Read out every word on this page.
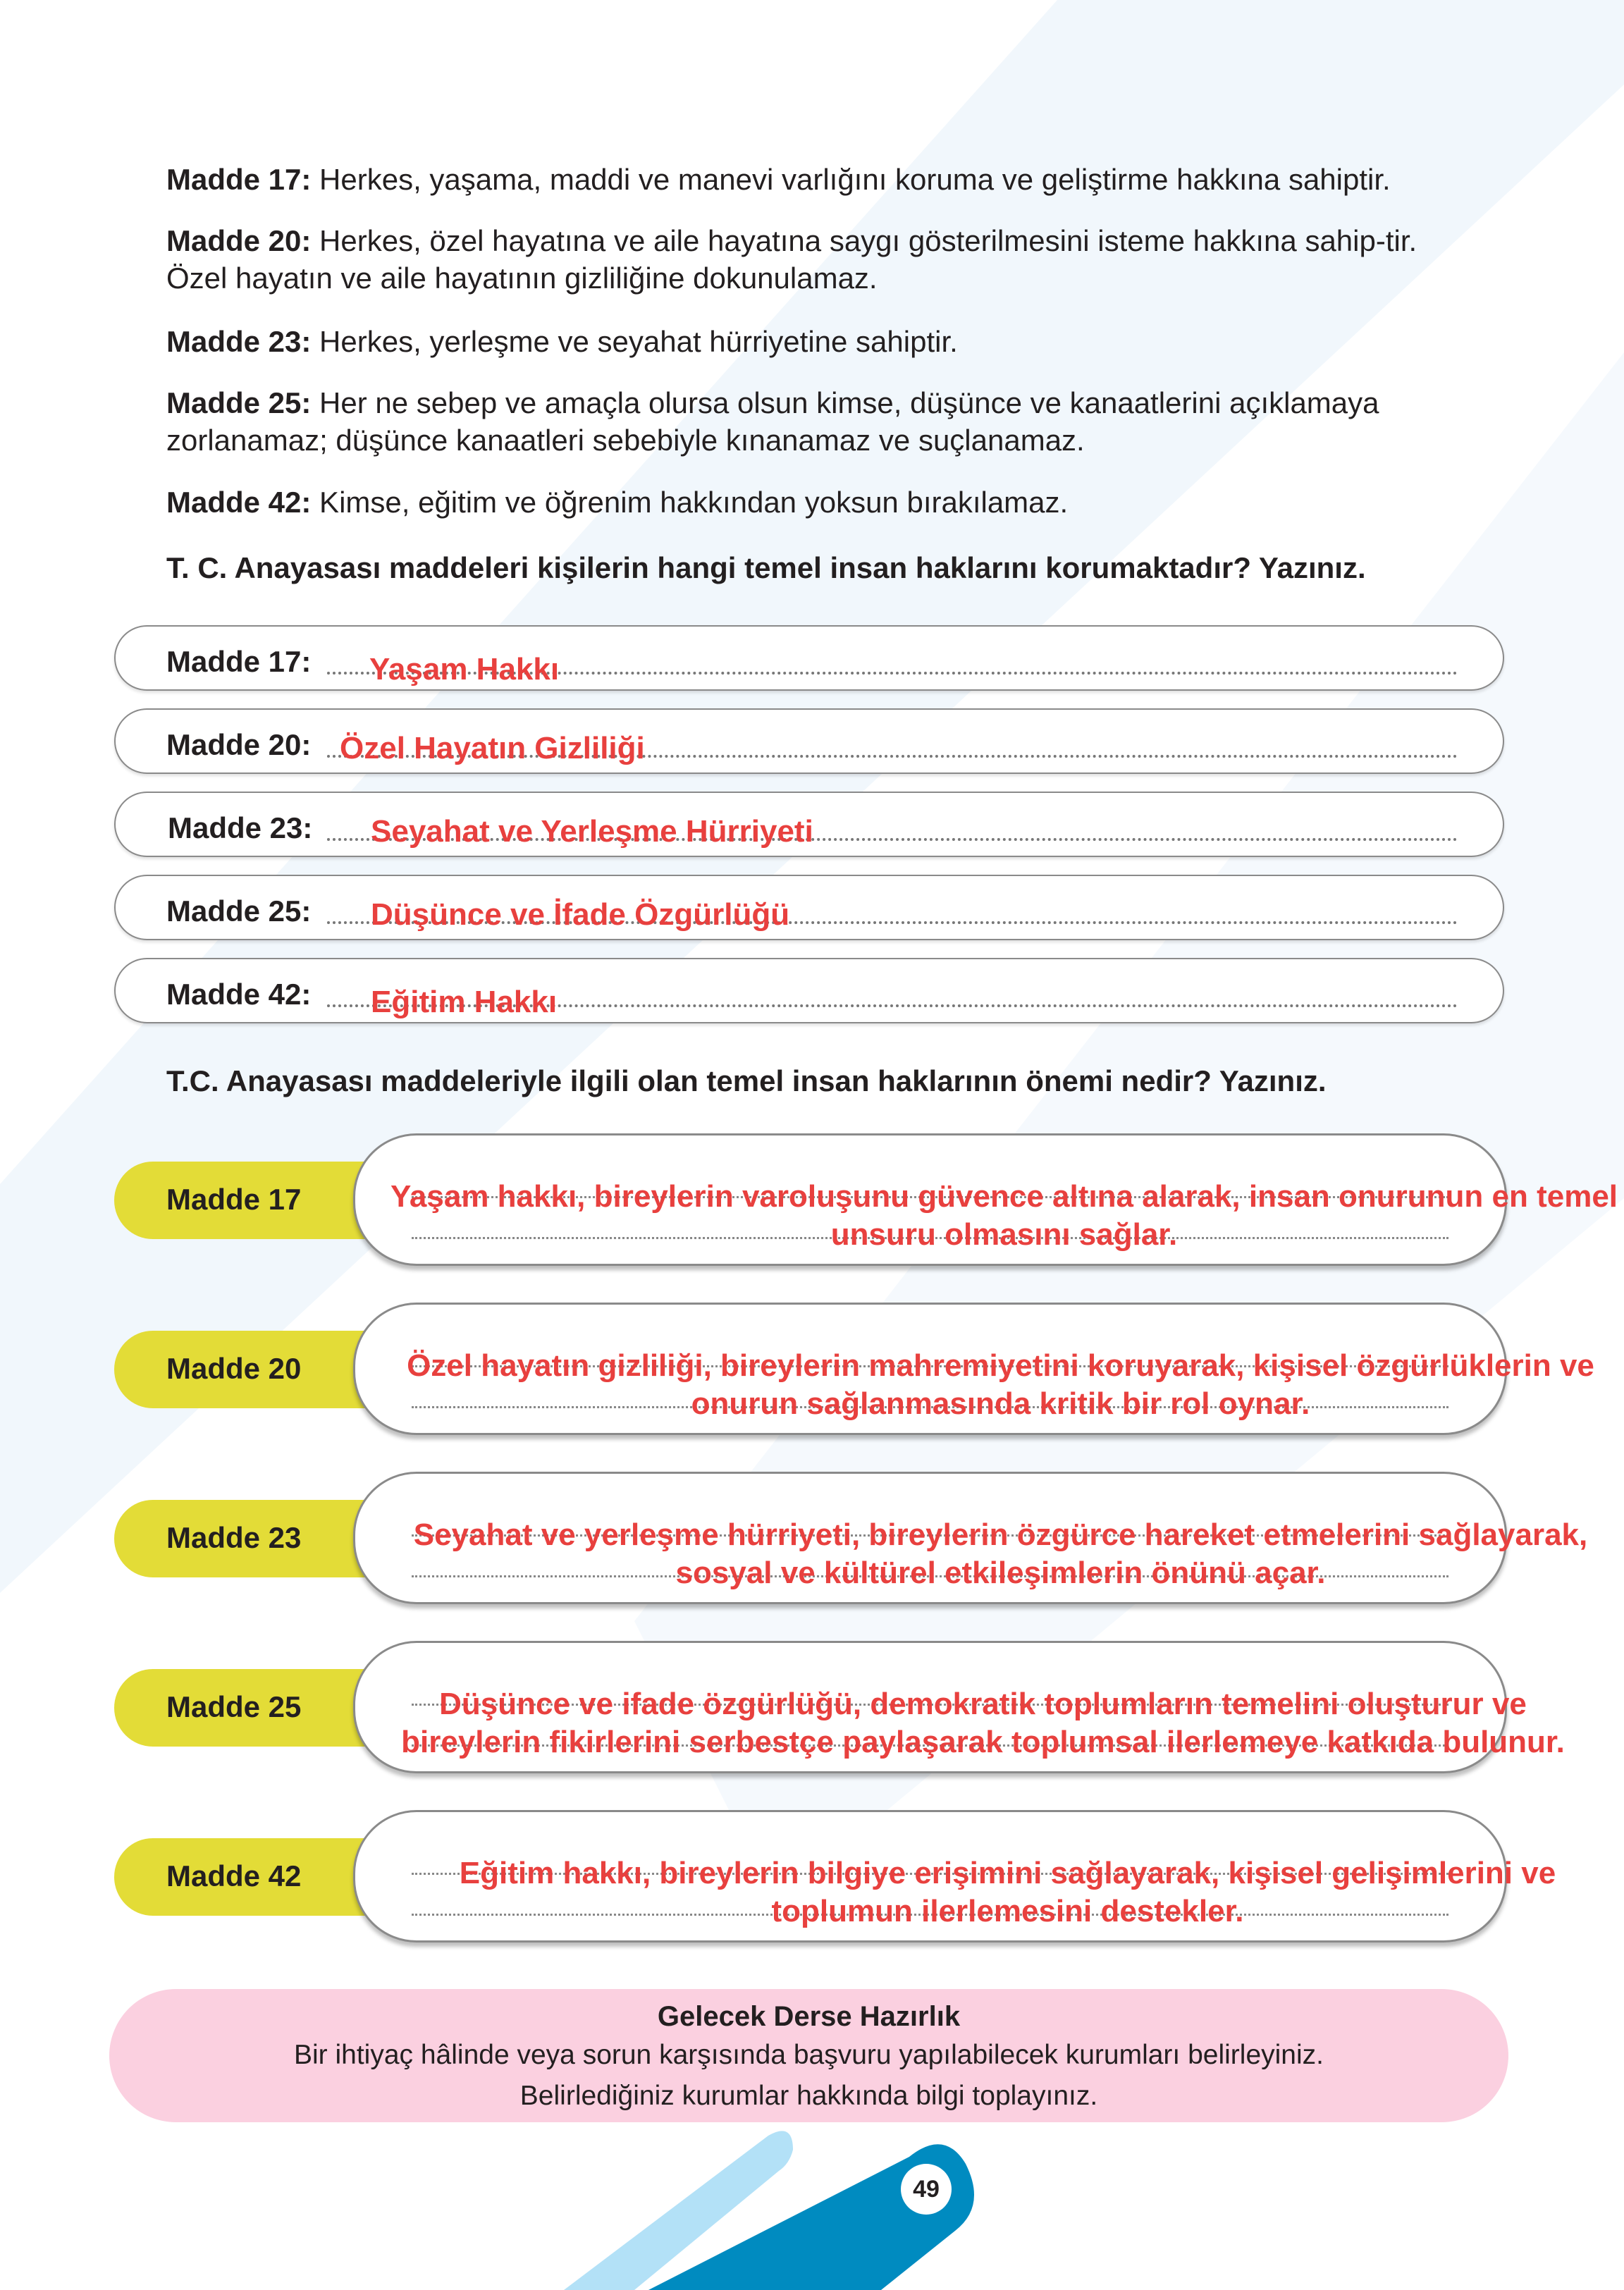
Madde 17: Herkes, yaşama, maddi ve manevi varlığını koruma ve geliştirme hakkına sahiptir.
Madde 20: Herkes, özel hayatına ve aile hayatına saygı gösterilmesini isteme hakkına sahip-tir. Özel hayatın ve aile hayatının gizliliğine dokunulamaz.
Madde 23: Herkes, yerleşme ve seyahat hürriyetine sahiptir.
Madde 25: Her ne sebep ve amaçla olursa olsun kimse, düşünce ve kanaatlerini açıklamaya zorlanamaz; düşünce kanaatleri sebebiyle kınanamaz ve suçlanamaz.
Madde 42: Kimse, eğitim ve öğrenim hakkından yoksun bırakılamaz.
T. C. Anayasası maddeleri kişilerin hangi temel insan haklarını korumaktadır? Yazınız.
Madde 17: Yaşam Hakkı
Madde 20: Özel Hayatın Gizliliği
Madde 23: Seyahat ve Yerleşme Hürriyeti
Madde 25: Düşünce ve İfade Özgürlüğü
Madde 42: Eğitim Hakkı
T.C. Anayasası maddeleriyle ilgili olan temel insan haklarının önemi nedir? Yazınız.
Madde 17	Yaşam hakkı, bireylerin varoluşunu güvence altına alarak, insan onurunun en temel unsuru olmasını sağlar.
Madde 20	Özel hayatın gizliliği, bireylerin mahremiyetini koruyarak, kişisel özgürlüklerin ve onurun sağlanmasında kritik bir rol oynar.
Madde 23	Seyahat ve yerleşme hürriyeti, bireylerin özgürce hareket etmelerini sağlayarak, sosyal ve kültürel etkileşimlerin önünü açar.
Madde 25	Düşünce ve ifade özgürlüğü, demokratik toplumların temelini oluşturur ve bireylerin fikirlerini serbestçe paylaşarak toplumsal ilerlemeye katkıda bulunur.
Madde 42	Eğitim hakkı, bireylerin bilgiye erişimini sağlayarak, kişisel gelişimlerini ve toplumun ilerlemesini destekler.
Gelecek Derse Hazırlık

Bir ihtiyaç hâlinde veya sorun karşısında başvuru yapılabilecek kurumları belirleyiniz.

Belirlediğiniz kurumlar hakkında bilgi toplayınız.

49
